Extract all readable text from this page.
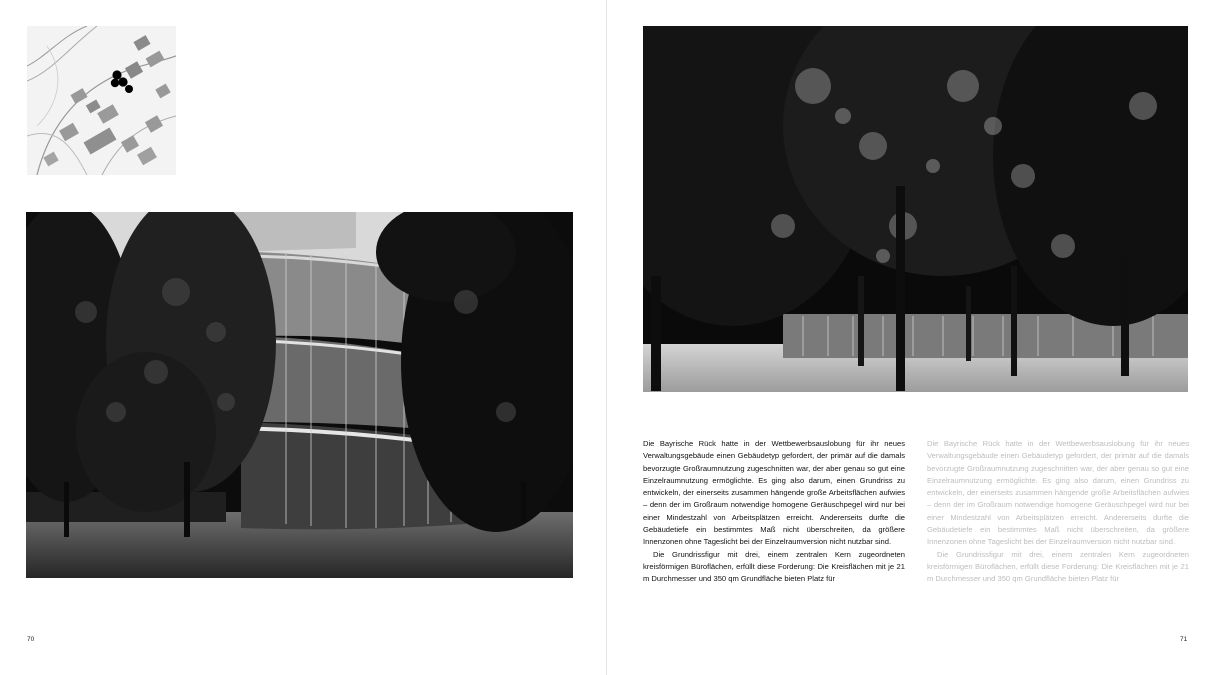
70

Die Bayrische Rück hatte in der Wettbewerbsauslobung für ihr neues Verwaltungsgebäude einen Gebäudetyp gefordert, der primär auf die damals bevorzugte Großraumnutzung zugeschnitten war, der aber genau so gut eine Einzelraumnutzung ermöglichte. Es ging also darum, einen Grundriss zu entwickeln, der einerseits zusammen hängende große Arbeitsflächen aufwies – denn der im Großraum notwendige homogene Geräuschpegel wird nur bei einer Mindestzahl von Arbeitsplätzen erreicht. Andererseits durfte die Gebäudetiefe ein bestimmtes Maß nicht überschreiten, da größere Innenzonen ohne Tageslicht bei der Einzelraumversion nicht nutzbar sind.

Die Grundrissfigur mit drei, einem zentralen Kern zugeordneten kreisförmigen Büroflächen, erfüllt diese Forderung: Die Kreisflächen mit je 21 m Durchmesser und 350 qm Grundfläche bieten Platz für

Die Bayrische Rück hatte in der Wettbewerbsauslobung für ihr neues Verwaltungsgebäude einen Gebäudetyp gefordert, der primär auf die damals bevorzugte Großraumnutzung zugeschnitten war, der aber genau so gut eine Einzelraumnutzung ermöglichte. Es ging also darum, einen Grundriss zu entwickeln, der einerseits zusammen hängende große Arbeitsflächen aufwies – denn der im Großraum notwendige homogene Geräuschpegel wird nur bei einer Mindestzahl von Arbeitsplätzen erreicht. Andererseits durfte die Gebäudetiefe ein bestimmtes Maß nicht überschreiten, da größere Innenzonen ohne Tageslicht bei der Einzelraumversion nicht nutzbar sind.

Die Grundrissfigur mit drei, einem zentralen Kern zugeordneten kreisförmigen Büroflächen, erfüllt diese Forderung: Die Kreisflächen mit je 21 m Durchmesser und 350 qm Grundfläche bieten Platz für

71
